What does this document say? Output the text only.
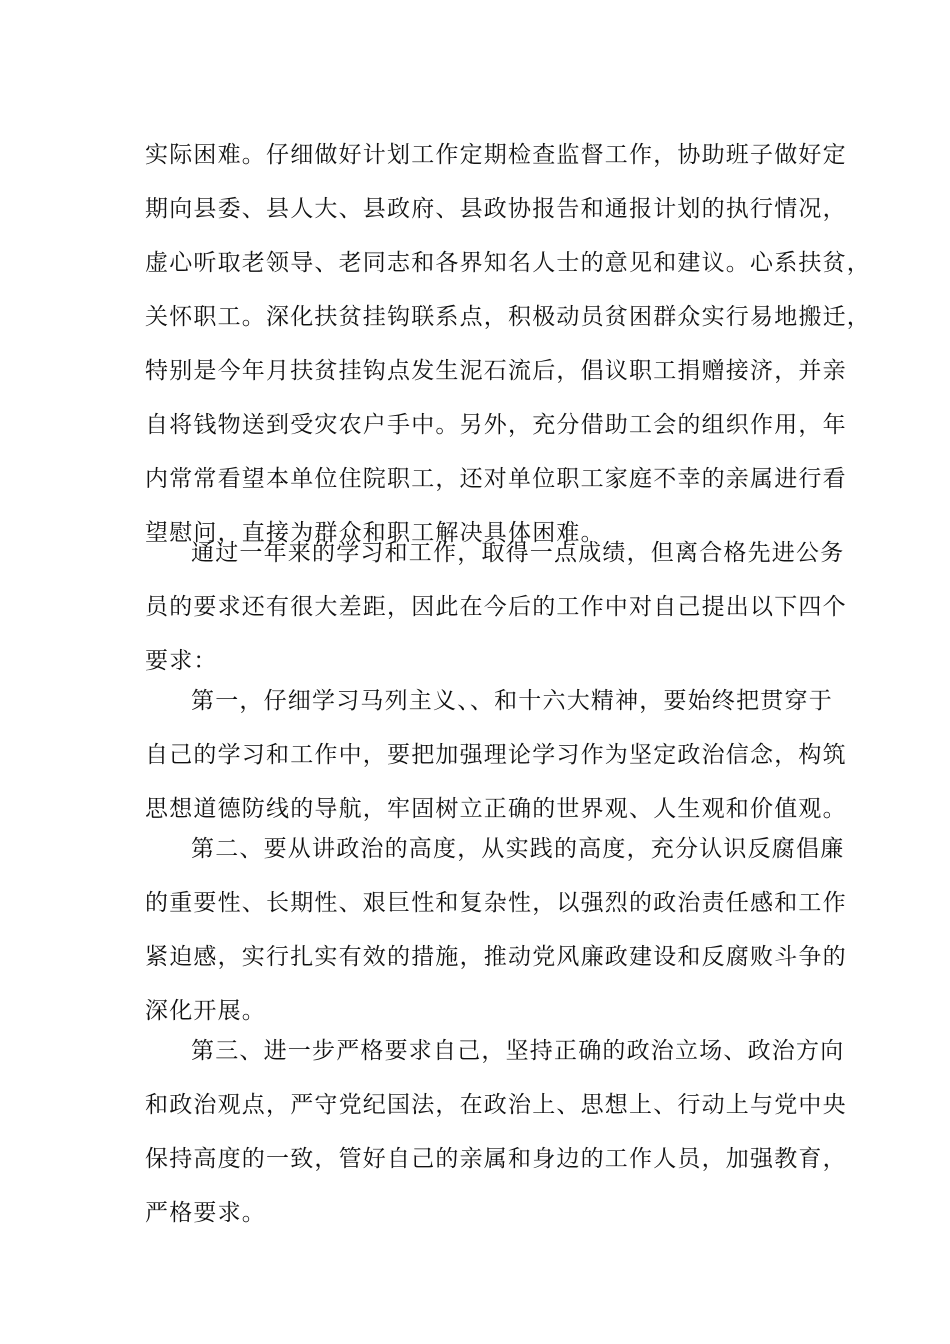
实际困难。仔细做好计划工作定期检查监督工作，协助班子做好定
期向县委、县人大、县政府、县政协报告和通报计划的执行情况，
虚心听取老领导、老同志和各界知名人士的意见和建议。心系扶贫，
关怀职工。深化扶贫挂钩联系点，积极动员贫困群众实行易地搬迁，
特别是今年月扶贫挂钩点发生泥石流后，倡议职工捐赠接济，并亲
自将钱物送到受灾农户手中。另外，充分借助工会的组织作用，年
内常常看望本单位住院职工，还对单位职工家庭不幸的亲属进行看
望慰问，直接为群众和职工解决具体困难。
通过一年来的学习和工作，取得一点成绩，但离合格先进公务
员的要求还有很大差距，因此在今后的工作中对自己提出以下四个
要求：
第一，仔细学习马列主义、、和十六大精神，要始终把贯穿于
自己的学习和工作中，要把加强理论学习作为坚定政治信念，构筑
思想道德防线的导航，牢固树立正确的世界观、人生观和价值观。
第二、要从讲政治的高度，从实践的高度，充分认识反腐倡廉
的重要性、长期性、艰巨性和复杂性，以强烈的政治责任感和工作
紧迫感，实行扎实有效的措施，推动党风廉政建设和反腐败斗争的
深化开展。
第三、进一步严格要求自己，坚持正确的政治立场、政治方向
和政治观点，严守党纪国法，在政治上、思想上、行动上与党中央
保持高度的一致，管好自己的亲属和身边的工作人员，加强教育，
严格要求。
